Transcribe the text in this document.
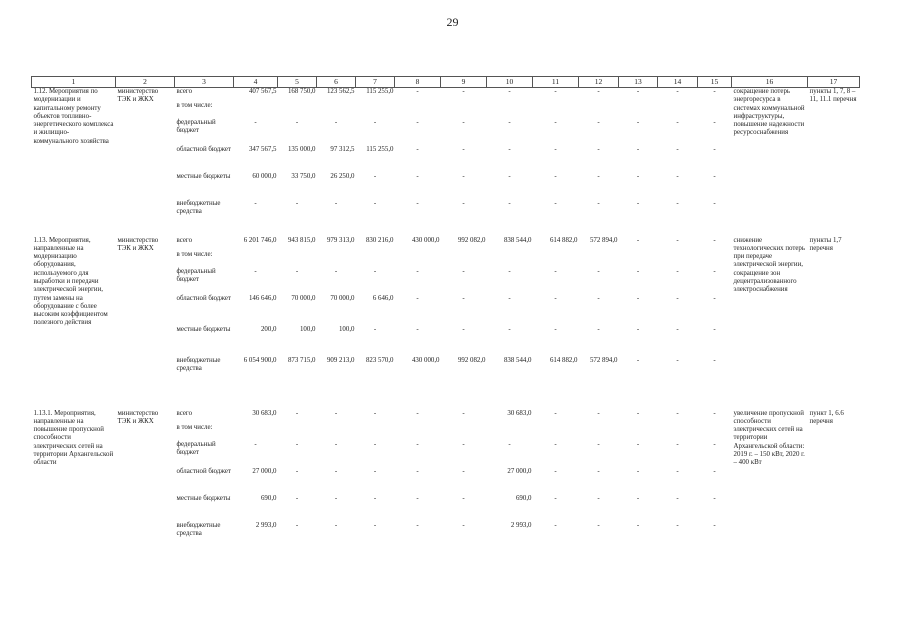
29
1	2	3	4	5	6	7	8	9	10	11	12	13	14	15	16	17
1.12. Мероприятия по модернизации и капитальному ремонту объектов топливно-энергетического комплекса и жилищно-коммунального хозяйства	министерство ТЭК и ЖКХ	всего	407 567,5	168 750,0	123 562,5	115 255,0	-	-	-	-	-	-	-	-	сокращение потерь энергоресурса в системах коммунальной инфраструктуры, повышение надежности ресурсоснабжения	пункты 1, 7, 8 – 11, 11.1 перечня
		в том числе:														
		федеральный бюджет	-	-	-	-	-	-	-	-	-	-	-	-		
		областной бюджет	347 567,5	135 000,0	97 312,5	115 255,0	-	-	-	-	-	-	-	-		
		местные бюджеты	60 000,0	33 750,0	26 250,0	-	-	-	-	-	-	-	-	-		
		внебюджетные средства	-	-	-	-	-	-	-	-	-	-	-	-		

1.13. Мероприятия, направленные на модернизацию оборудования, используемого для выработки и передачи электрической энергии, путем замены на оборудование с более высоким коэффициентом полезного действия	министерство ТЭК и ЖКХ	всего	6 201 746,0	943 815,0	979 313,0	830 216,0	430 000,0	992 082,0	838 544,0	614 882,0	572 894,0	-	-	-	снижение технологических потерь при передаче электрической энергии, сокращение зон децентрализованного электроснабжения	пункты 1,7 перечня
		в том числе:														
		федеральный бюджет	-	-	-	-	-	-	-	-	-	-	-	-		
		областной бюджет	146 646,0	70 000,0	70 000,0	6 646,0	-	-	-	-	-	-	-	-		
		местные бюджеты	200,0	100,0	100,0	-	-	-	-	-	-	-	-	-		
		внебюджетные средства	6 054 900,0	873 715,0	909 213,0	823 570,0	430 000,0	992 082,0	838 544,0	614 882,0	572 894,0	-	-	-		

1.13.1. Мероприятия, направленные на повышение пропускной способности электрических сетей на территории Архангельской области	министерство ТЭК и ЖКХ	всего	30 683,0	-	-	-	-	-	30 683,0	-	-	-	-	-	увеличение пропускной способности электрических сетей на территории Архангельской области: 2019 г. – 150 кВт, 2020 г. – 400 кВт	пункт 1, 6.6 перечня
		в том числе:														
		федеральный бюджет	-	-	-	-	-	-	-	-	-	-	-	-		
		областной бюджет	27 000,0	-	-	-	-	-	27 000,0	-	-	-	-	-		
		местные бюджеты	690,0	-	-	-	-	-	690,0	-	-	-	-	-		
		внебюджетные средства	2 993,0	-	-	-	-	-	2 993,0	-	-	-	-	-		
